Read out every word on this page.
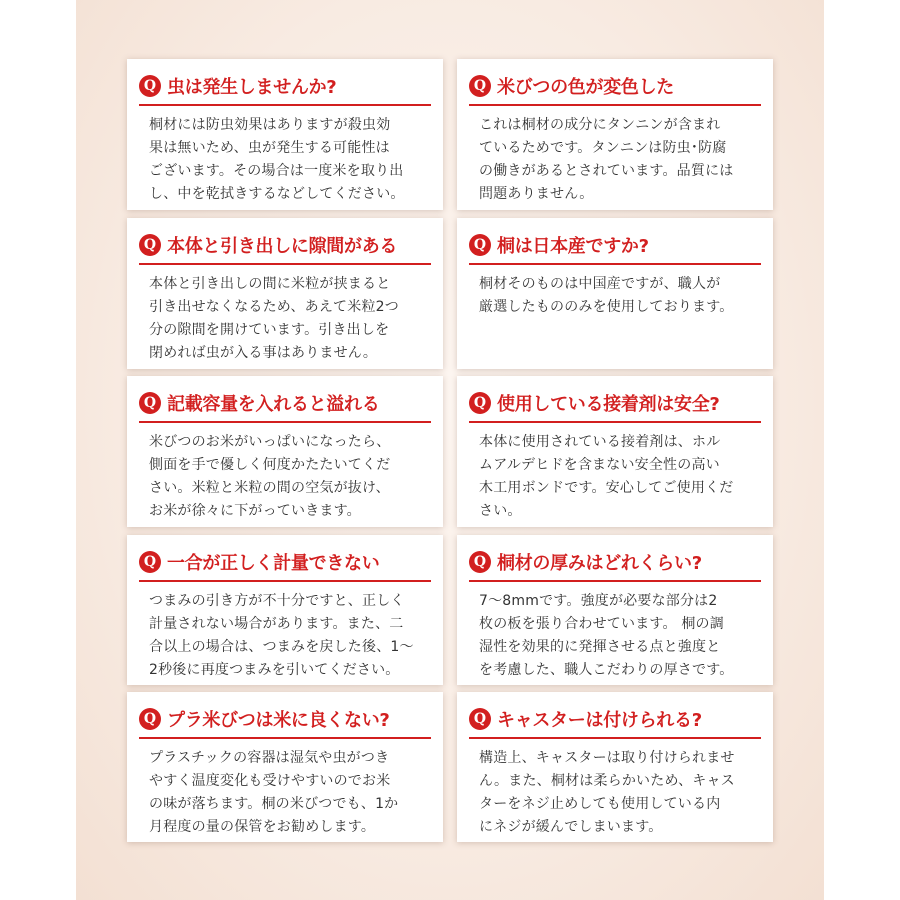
Q 虫は発生しませんか?
桐材には防虫効果はありますが殺虫効
果は無いため、虫が発生する可能性は
ございます。その場合は一度米を取り出
し、中を乾拭きするなどしてください。
Q 米びつの色が変色した
これは桐材の成分にタンニンが含まれ
ているためです。タンニンは防虫･防腐
の働きがあるとされています。品質には
問題ありません。
Q 本体と引き出しに隙間がある
本体と引き出しの間に米粒が挟まると
引き出せなくなるため、あえて米粒2つ
分の隙間を開けています。引き出しを
閉めれば虫が入る事はありません。
Q 桐は日本産ですか?
桐材そのものは中国産ですが、職人が
厳選したもののみを使用しております。
Q 記載容量を入れると溢れる
米びつのお米がいっぱいになったら、
側面を手で優しく何度かたたいてくだ
さい。米粒と米粒の間の空気が抜け、
お米が徐々に下がっていきます。
Q 使用している接着剤は安全?
本体に使用されている接着剤は、ホル
ムアルデヒドを含まない安全性の高い
木工用ボンドです。安心してご使用くだ
さい。
Q 一合が正しく計量できない
つまみの引き方が不十分ですと、正しく
計量されない場合があります。また、二
合以上の場合は、つまみを戻した後、1～
2秒後に再度つまみを引いてください。
Q 桐材の厚みはどれくらい?
7～8mmです。強度が必要な部分は2
枚の板を張り合わせています。 桐の調
湿性を効果的に発揮させる点と強度と
を考慮した、職人こだわりの厚さです。
Q プラ米びつは米に良くない?
プラスチックの容器は湿気や虫がつき
やすく温度変化も受けやすいのでお米
の味が落ちます。桐の米びつでも、1か
月程度の量の保管をお勧めします。
Q キャスターは付けられる?
構造上、キャスターは取り付けられませ
ん。また、桐材は柔らかいため、キャス
ターをネジ止めしても使用している内
にネジが緩んでしまいます。
